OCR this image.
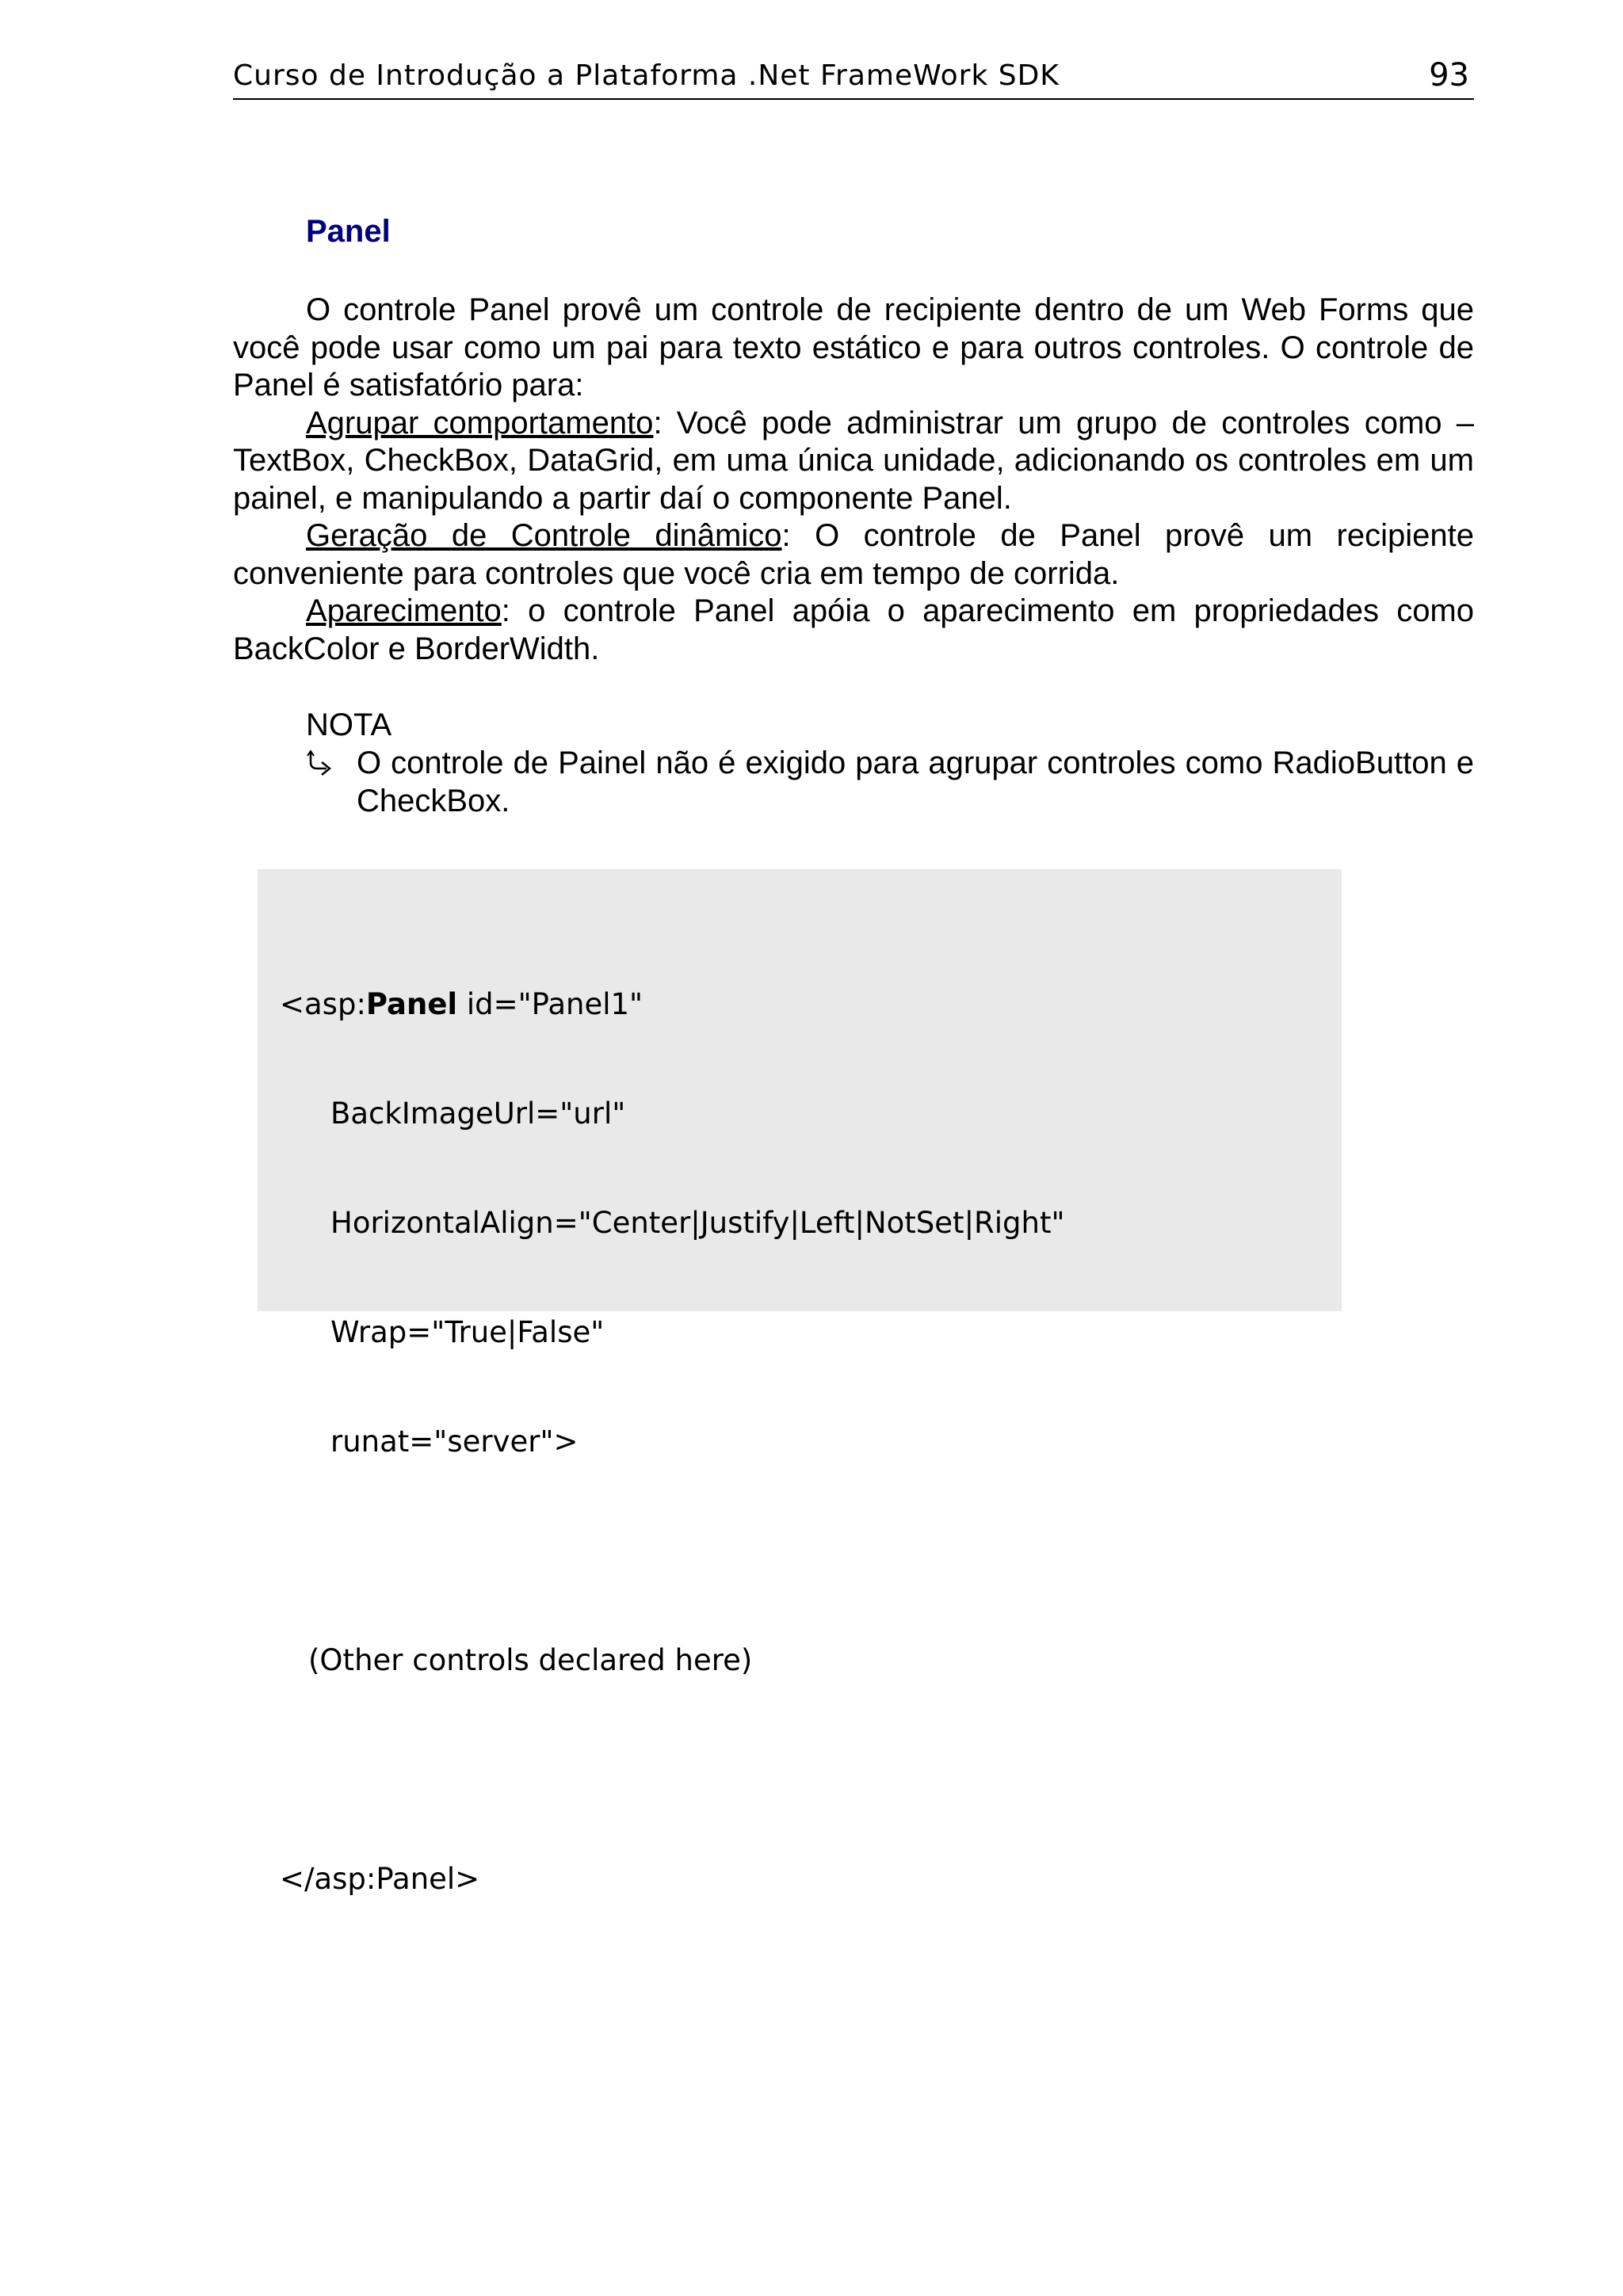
Curso de Introdução a Plataforma .Net FrameWork SDK	93
Panel

O controle Panel provê um controle de recipiente dentro de um Web Forms que você pode usar como um pai para texto estático e para outros controles. O controle de Panel é satisfatório para:

Agrupar comportamento: Você pode administrar um grupo de controles como – TextBox, CheckBox, DataGrid, em uma única unidade, adicionando os controles em um painel, e manipulando a partir daí o componente Panel.

Geração de Controle dinâmico: O controle de Panel provê um recipiente conveniente para controles que você cria em tempo de corrida.

Aparecimento: o controle Panel apóia o aparecimento em propriedades como BackColor e BorderWidth.

NOTA
O controle de Painel não é exigido para agrupar controles como RadioButton e CheckBox.

<asp:Panel id="Panel1"

BackImageUrl="url"

HorizontalAlign="Center|Justify|Left|NotSet|Right"

Wrap="True|False"

runat="server">

(Other controls declared here)

</asp:Panel>
